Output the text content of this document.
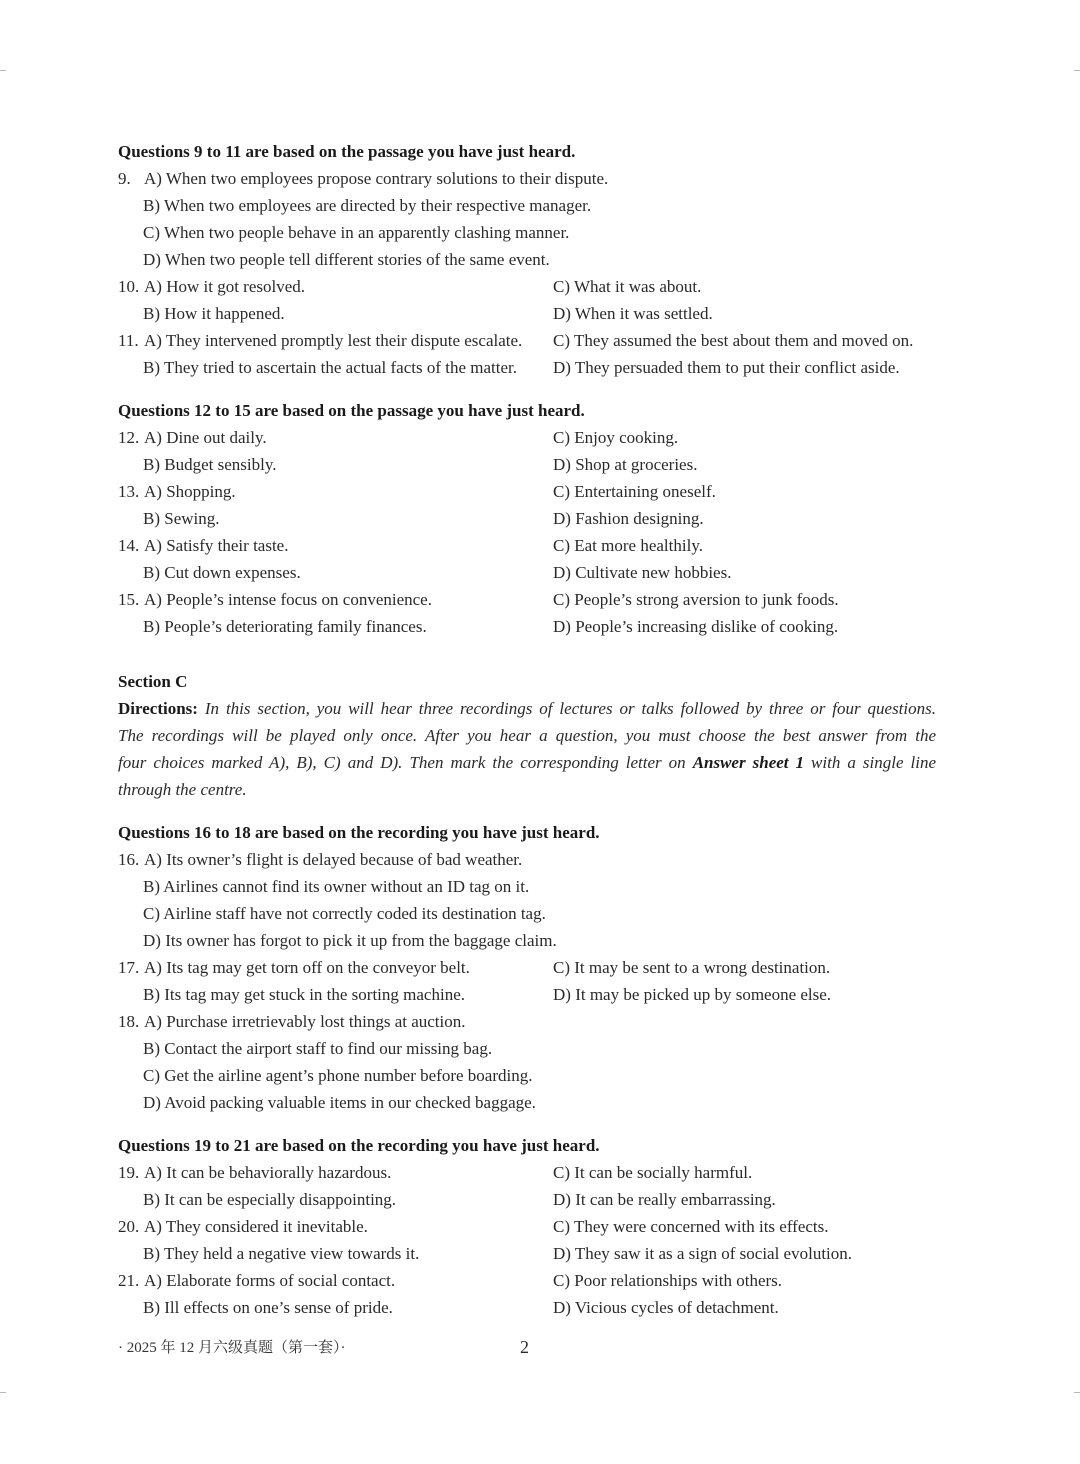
Questions 9 to 11 are based on the passage you have just heard.
9. A) When two employees propose contrary solutions to their dispute.
B) When two employees are directed by their respective manager.
C) When two people behave in an apparently clashing manner.
D) When two people tell different stories of the same event.
10. A) How it got resolved.	C) What it was about.
B) How it happened.	D) When it was settled.
11. A) They intervened promptly lest their dispute escalate. C) They assumed the best about them and moved on.
B) They tried to ascertain the actual facts of the matter. D) They persuaded them to put their conflict aside.
Questions 12 to 15 are based on the passage you have just heard.
12. A) Dine out daily.	C) Enjoy cooking.
B) Budget sensibly.	D) Shop at groceries.
13. A) Shopping.	C) Entertaining oneself.
B) Sewing.	D) Fashion designing.
14. A) Satisfy their taste.	C) Eat more healthily.
B) Cut down expenses.	D) Cultivate new hobbies.
15. A) People’s intense focus on convenience.	C) People’s strong aversion to junk foods.
B) People’s deteriorating family finances.	D) People’s increasing dislike of cooking.
Questions 16 to 18 are based on the recording you have just heard.
16. A) Its owner’s flight is delayed because of bad weather.
B) Airlines cannot find its owner without an ID tag on it.
C) Airline staff have not correctly coded its destination tag.
D) Its owner has forgot to pick it up from the baggage claim.
17. A) Its tag may get torn off on the conveyor belt.	C) It may be sent to a wrong destination.
B) Its tag may get stuck in the sorting machine.	D) It may be picked up by someone else.
18. A) Purchase irretrievably lost things at auction.
B) Contact the airport staff to find our missing bag.
C) Get the airline agent’s phone number before boarding.
D) Avoid packing valuable items in our checked baggage.
Questions 19 to 21 are based on the recording you have just heard.
19. A) It can be behaviorally hazardous.	C) It can be socially harmful.
B) It can be especially disappointing.	D) It can be really embarrassing.
20. A) They considered it inevitable.	C) They were concerned with its effects.
B) They held a negative view towards it.	D) They saw it as a sign of social evolution.
21. A) Elaborate forms of social contact.	C) Poor relationships with others.
B) Ill effects on one’s sense of pride.	D) Vicious cycles of detachment.
Section C
Directions: In this section, you will hear three recordings of lectures or talks followed by three or four questions.
The recordings will be played only once. After you hear a question, you must choose the best answer from the
four choices marked A), B), C) and D). Then mark the corresponding letter on Answer sheet 1 with a single line
through the centre.
· 2025 年 12 月六级真题（第一套）·	2
